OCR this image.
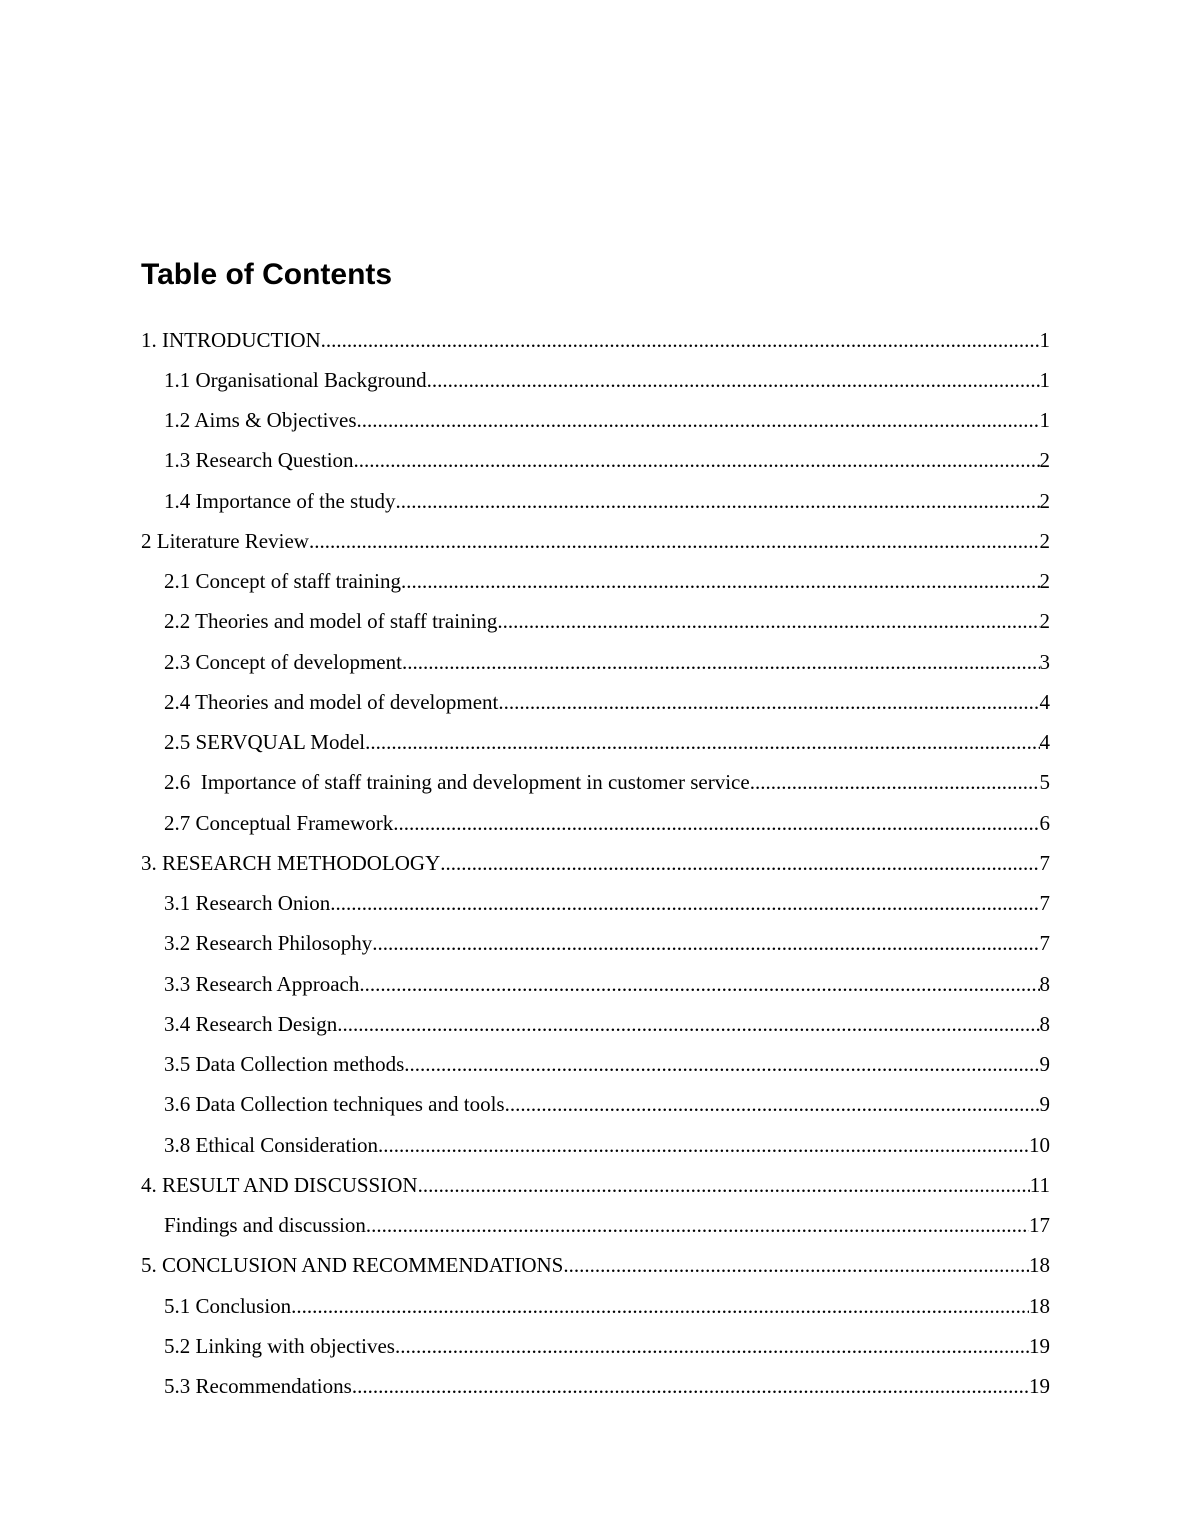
Table of Contents
1. INTRODUCTION .....	1
1.1 Organisational Background .....	1
1.2 Aims & Objectives .....	1
1.3 Research Question .....	2
1.4 Importance of the study .....	2
2 Literature Review .....	2
2.1 Concept of staff training .....	2
2.2 Theories and model of staff training .....	2
2.3 Concept of development .....	3
2.4 Theories and model of development .....	4
2.5 SERVQUAL Model .....	4
2.6  Importance of staff training and development in customer service .....	5
2.7 Conceptual Framework .....	6
3. RESEARCH METHODOLOGY .....	7
3.1 Research Onion .....	7
3.2 Research Philosophy .....	7
3.3 Research Approach .....	8
3.4 Research Design .....	8
3.5 Data Collection methods .....	9
3.6 Data Collection techniques and tools .....	9
3.8 Ethical Consideration .....	10
4. RESULT AND DISCUSSION .....	11
Findings and discussion .....	17
5. CONCLUSION AND RECOMMENDATIONS .....	18
5.1 Conclusion .....	18
5.2 Linking with objectives .....	19
5.3 Recommendations .....	19
